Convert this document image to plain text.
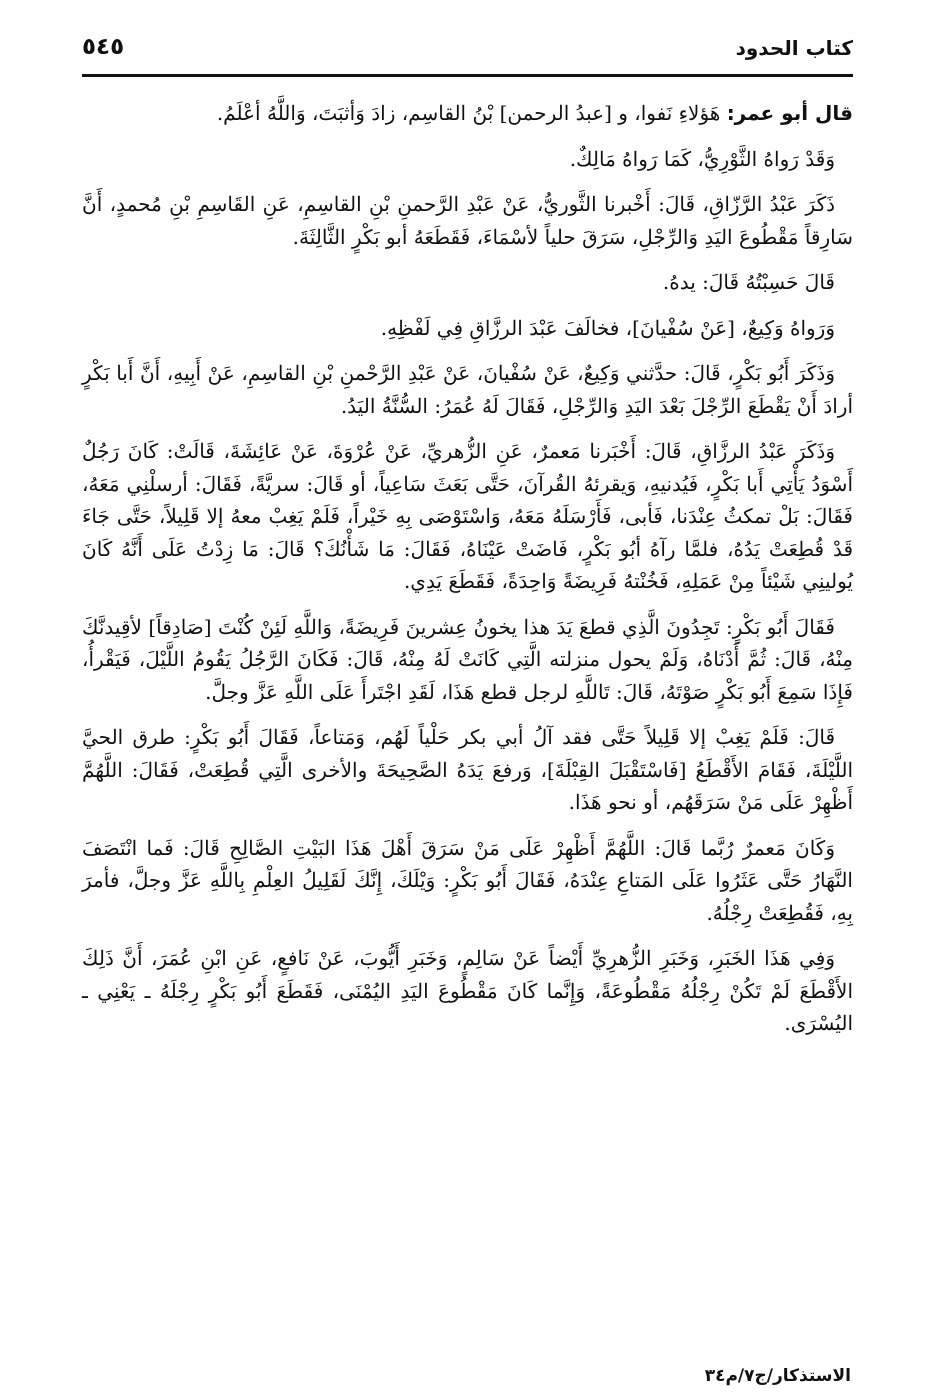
كتاب الحدود
٥٤٥

قال أبو عمر: هَؤلاءِ نَفوا، و [عبدُ الرحمن] بْنُ القاسِم، زادَ وَأثبَتَ، وَاللَّهُ أعْلَمُ.

وَقَدْ رَواهُ الثَّوْرِيُّ، كَمَا رَواهُ مَالِكٌ.

ذَكَرَ عَبْدُ الرَّزّاقِ، قَالَ: أَخْبرنا الثَّوريُّ، عَنْ عَبْدِ الرَّحمنِ بْنِ القاسِمِ، عَنِ القَاسِمِ بْنِ مُحمدٍ، أَنَّ سَارِقاً مَقْطُوعَ اليَدِ وَالرِّجْلِ، سَرَقَ حلياً لأسْمَاءَ، فَقَطَعَهُ أبو بَكْرٍ الثَّالِثَةَ.

قَالَ حَسِبْتُهُ قَالَ: يدهُ.

وَرَواهُ وَكِيعٌ، [عَنْ سُفْيانَ]، فخالَفَ عَبْدَ الرزَّاقِ فِي لَفْظِهِ.

وَذَكَرَ أَبُو بَكْرٍ، قَالَ: حدَّثني وَكِيعٌ، عَنْ سُفْيانَ، عَنْ عَبْدِ الرَّحْمنِ بْنِ القاسِمِ، عَنْ أَبِيهِ، أَنَّ أَبا بَكْرٍ أرادَ أَنْ يَقْطَعَ الرِّجْلَ بَعْدَ اليَدِ وَالرِّجْلِ، فَقَالَ لَهُ عُمَرُ: السُّنَّةُ اليَدُ.

وَذَكَرَ عَبْدُ الرزَّاقِ، قَالَ: أَخْبَرنا مَعمرٌ، عَنِ الزُّهريِّ، عَنْ عُرْوَةَ، عَنْ عَائِشَةَ، قَالَتْ: كَانَ رَجُلٌ أَسْوَدُ يَأْتِي أَبا بَكْرٍ، فَيُدنيهِ، وَيقرئهُ القُرآنَ، حَتَّى بَعَثَ سَاعِياً، أو قَالَ: سريَّةً، فَقَالَ: أرسلْنِي مَعَهُ، فَقَالَ: بَلْ تمكثُ عِنْدَنا، فَأبى، فَأَرْسَلَهُ مَعَهُ، وَاسْتَوْصَى بِهِ خَيْراً، فَلَمْ يَغِبْ معهُ إلا قَلِيلاً، حَتَّى جَاءَ قَدْ قُطِعَتْ يَدُهُ، فلمَّا رآهُ أبُو بَكْرٍ، فَاضَتْ عَيْنَاهُ، فَقَالَ: مَا شَأْنُكَ؟ قَالَ: مَا زِدْتُ عَلَى أَنَّهُ كَانَ يُولينِي شَيْئاً مِنْ عَمَلِهِ، فَخُنْتهُ فَرِيضَةً وَاحِدَةً، فَقَطَعَ يَدِي.

فَقَالَ أَبُو بَكْرٍ: تَجِدُونَ الَّذِي قطعَ يَدَ هذا يخونُ عِشرينَ فَرِيضَةً، وَاللَّهِ لَئِنْ كُنْتَ [صَادِقاً] لأقِيدنَّكَ مِنْهُ، قَالَ: ثُمَّ أَدْنَاهُ، وَلَمْ يحول منزلته الَّتِي كَانَتْ لَهُ مِنْهُ، قَالَ: فَكَانَ الرَّجُلُ يَقُومُ اللَّيْلَ، فَيَقْرأُ، فَإِذَا سَمِعَ أَبُو بَكْرٍ صَوْتَهُ، قَالَ: تَاللَّهِ لرجل قطع هَذَا، لَقَدِ اجْتَرأَ عَلَى اللَّهِ عَزَّ وجلَّ.

قَالَ: فَلَمْ يَغِبْ إلا قَلِيلاً حَتَّى فقد آلُ أبي بكر حَلْياً لَهُم، وَمَتاعاً، فَقَالَ أَبُو بَكْرٍ: طرق الحيَّ اللَّيْلَةَ، فَقَامَ الأَقْطَعُ [فَاسْتَقْبَلَ القِبْلَةَ]، وَرفعَ يَدَهُ الصَّحِيحَةَ والأخرى الَّتِي قُطِعَتْ، فَقَالَ: اللَّهُمَّ أَظْهِرْ عَلَى مَنْ سَرَقَهُم، أو نحو هَذَا.

وَكَانَ مَعمرٌ رُبَّما قَالَ: اللَّهُمَّ أَظْهِرْ عَلَى مَنْ سَرَقَ أَهْلَ هَذَا البَيْتِ الصَّالِحِ قَالَ: فَما انْتَصَفَ النَّهَارُ حَتَّى عَثَرُوا عَلَى المَتاعِ عِنْدَهُ، فَقَالَ أَبُو بَكْرٍ: وَيْلَكَ، إِنَّكَ لَقَلِيلُ العِلْمِ بِاللَّهِ عَزَّ وجلَّ، فأمرَ بِهِ، فَقُطِعَتْ رِجْلُهُ.

وَفِي هَذَا الخَبَرِ، وَخَبَرِ الزُّهرِيِّ أَيْضاً عَنْ سَالِمٍ، وَخَبَرِ أَيُّوبَ، عَنْ نَافعٍ، عَنِ ابْنِ عُمَرَ، أَنَّ ذَلِكَ الأَقْطَعَ لَمْ تَكُنْ رِجْلُهُ مَقْطُوعَةً، وَإِنَّما كَانَ مَقْطُوعَ اليَدِ اليُمْنَى، فَقَطَعَ أَبُو بَكْرٍ رِجْلَهُ ـ يَعْنِي ـ اليُسْرَى.

الاستذكار/ج٧/م٣٤
